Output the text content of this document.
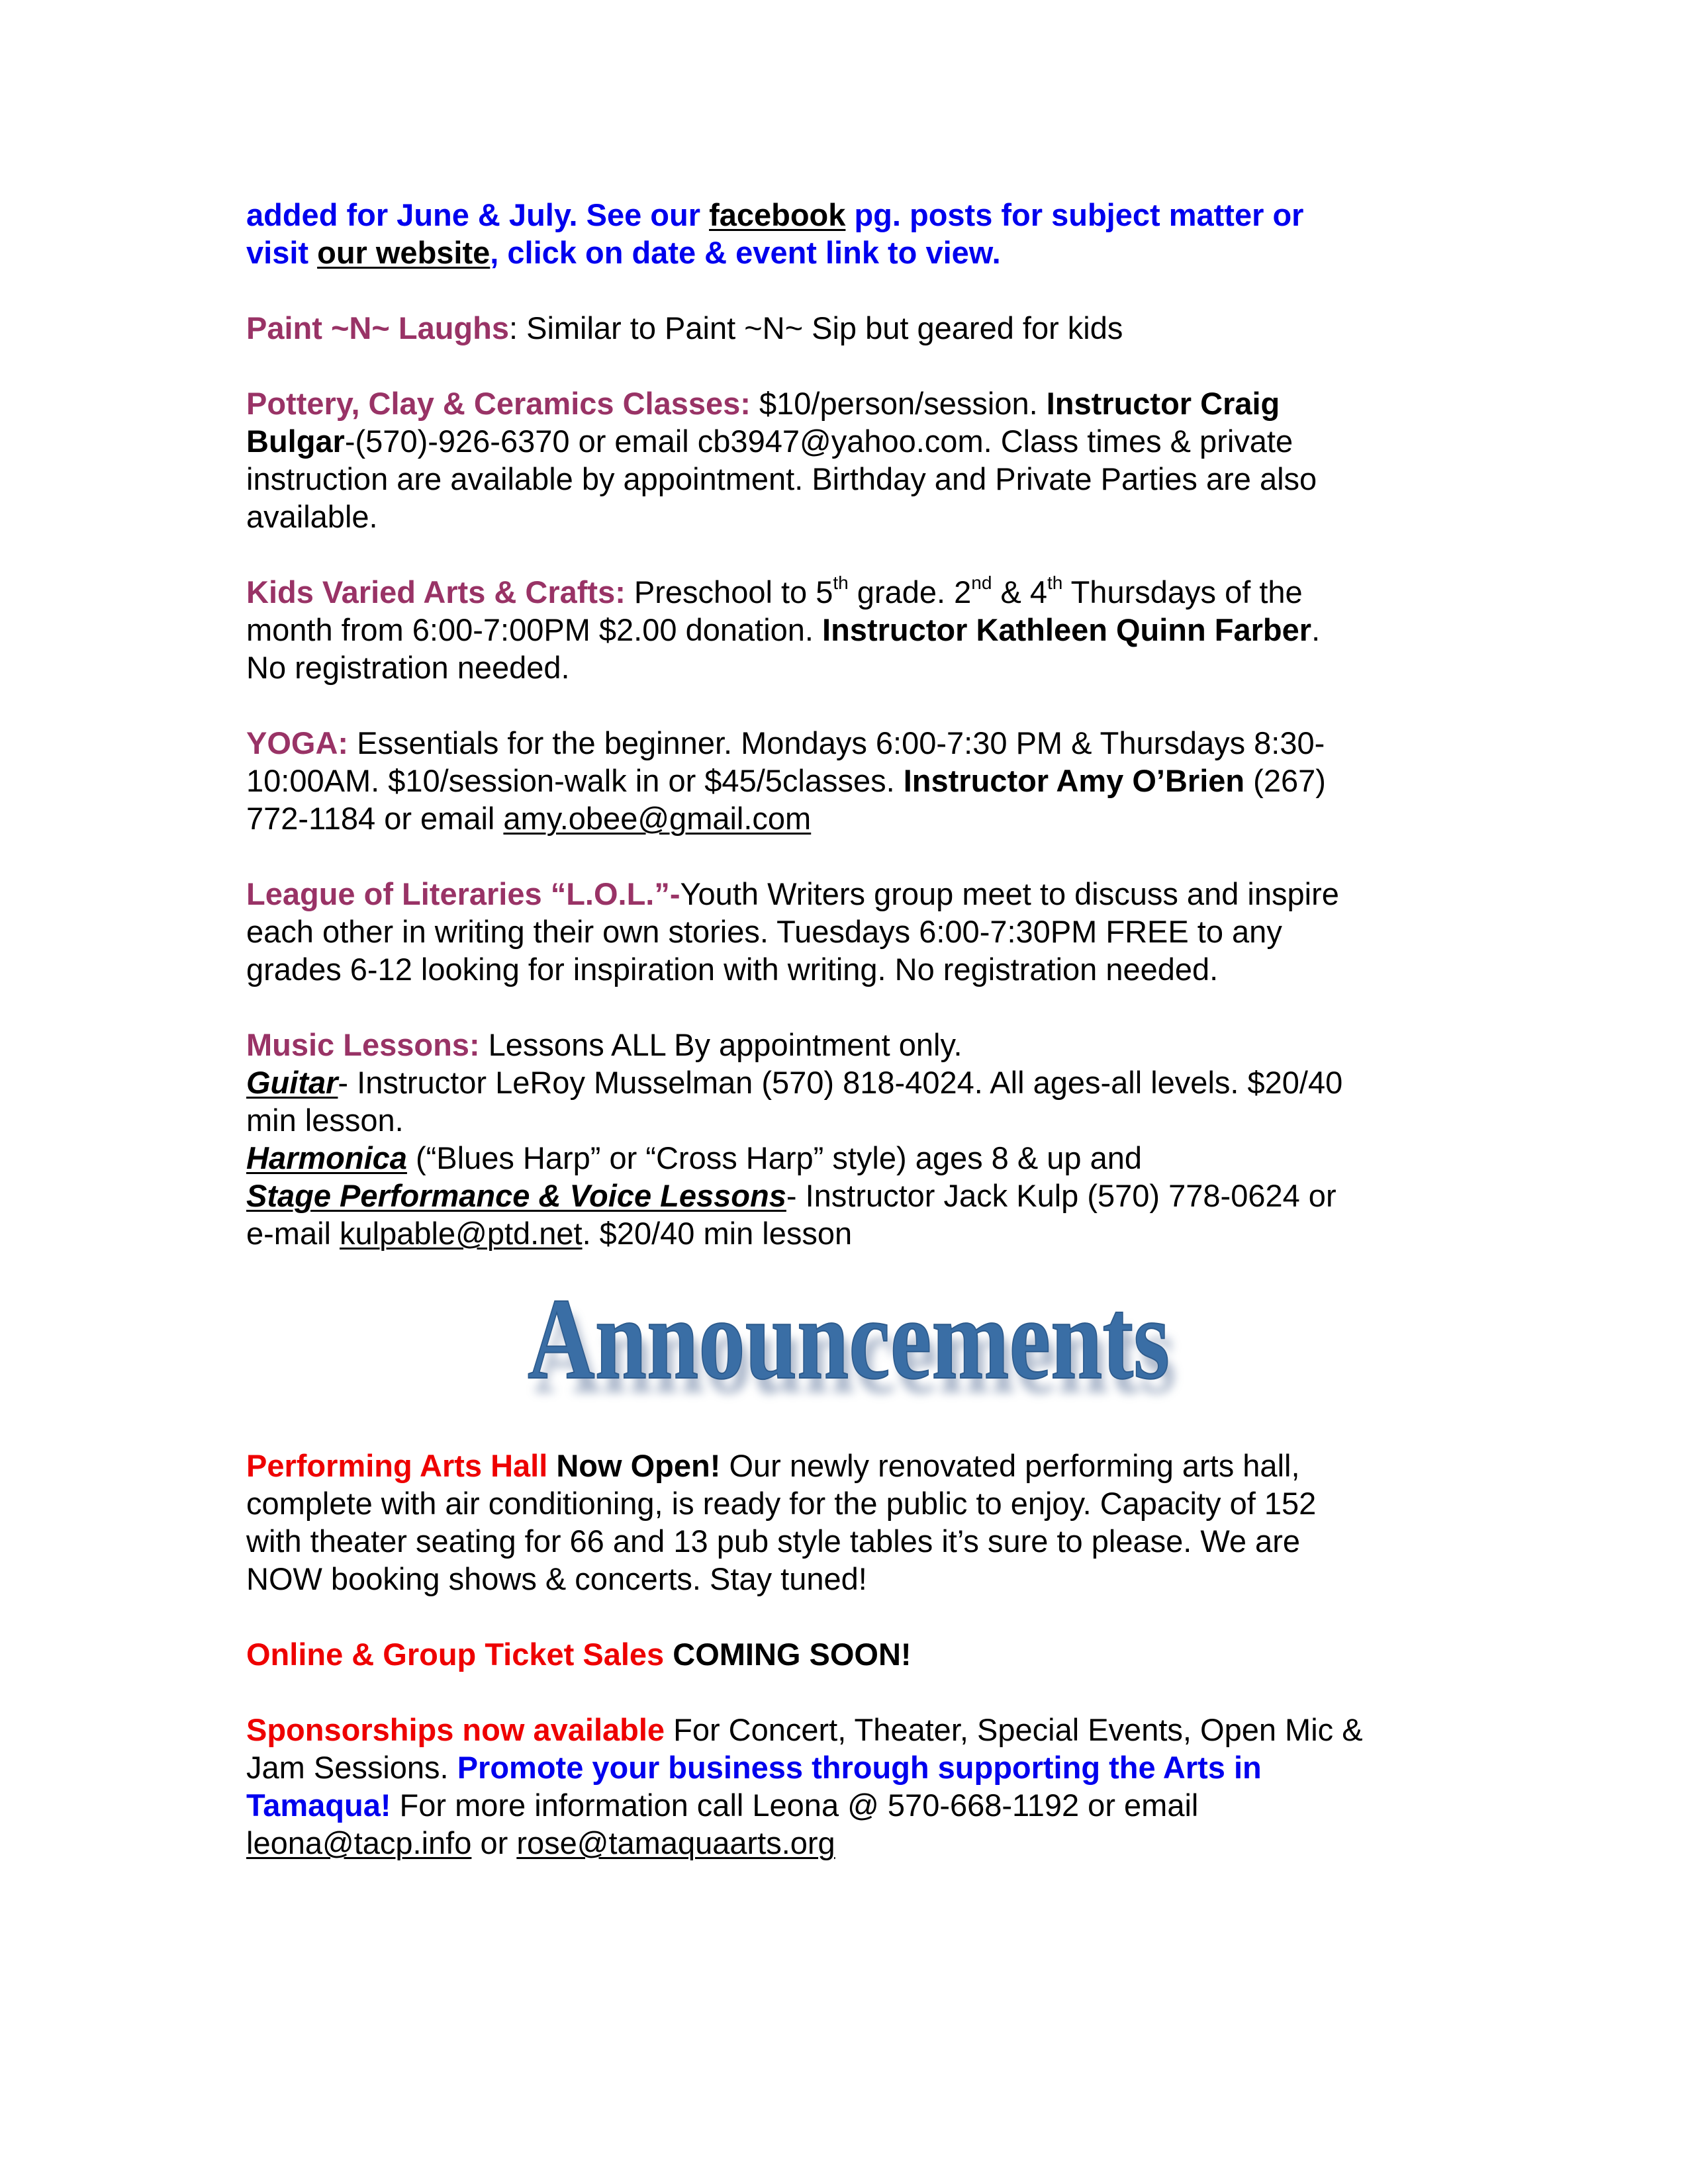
added for June & July. See our facebook pg. posts for subject matter or
visit our website, click on date & event link to view.
Paint ~N~ Laughs: Similar to Paint ~N~ Sip but geared for kids
Pottery, Clay & Ceramics Classes: $10/person/session. Instructor Craig
Bulgar-(570)-926-6370 or email cb3947@yahoo.com. Class times & private
instruction are available by appointment. Birthday and Private Parties are also
available.
Kids Varied Arts & Crafts: Preschool to 5th grade. 2nd & 4th Thursdays of the
month from 6:00-7:00PM $2.00 donation. Instructor Kathleen Quinn Farber.
No registration needed.
YOGA: Essentials for the beginner. Mondays 6:00-7:30 PM & Thursdays 8:30-
10:00AM. $10/session-walk in or $45/5classes. Instructor Amy O’Brien (267)
772-1184 or email amy.obee@gmail.com
League of Literaries “L.O.L.”-Youth Writers group meet to discuss and inspire
each other in writing their own stories. Tuesdays 6:00-7:30PM FREE to any
grades 6-12 looking for inspiration with writing. No registration needed.
Music Lessons: Lessons ALL By appointment only.
Guitar- Instructor LeRoy Musselman (570) 818-4024. All ages-all levels. $20/40
min lesson.
Harmonica (“Blues Harp” or “Cross Harp” style) ages 8 & up and
Stage Performance & Voice Lessons- Instructor Jack Kulp (570) 778-0624 or
e-mail kulpable@ptd.net. $20/40 min lesson
Announcements
Announcements
Performing Arts Hall Now Open! Our newly renovated performing arts hall,
complete with air conditioning, is ready for the public to enjoy. Capacity of 152
with theater seating for 66 and 13 pub style tables it’s sure to please. We are
NOW booking shows & concerts. Stay tuned!
Online & Group Ticket Sales COMING SOON!
Sponsorships now available For Concert, Theater, Special Events, Open Mic &
Jam Sessions. Promote your business through supporting the Arts in
Tamaqua! For more information call Leona @ 570-668-1192 or email
leona@tacp.info or rose@tamaquaarts.org
